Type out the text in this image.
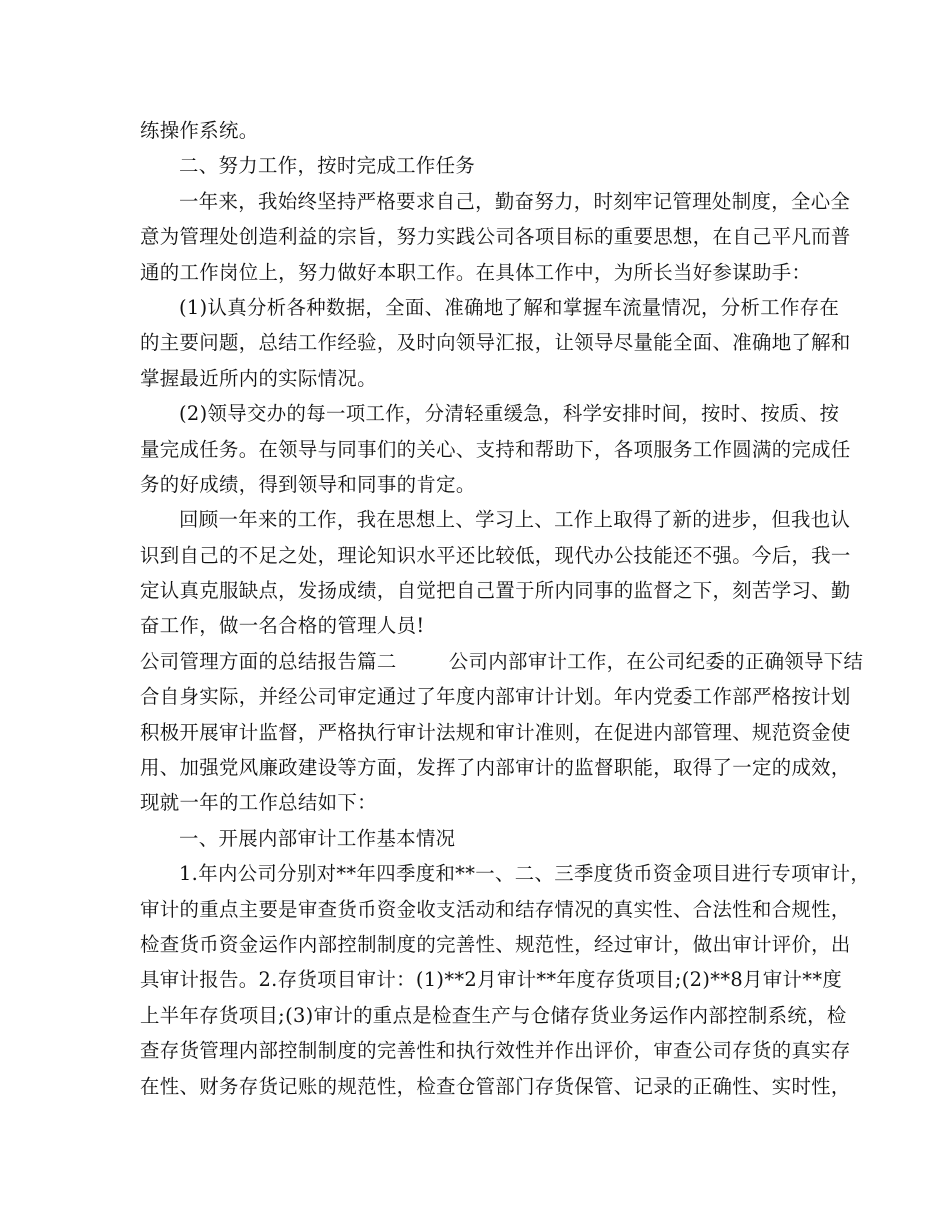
练操作系统。
二、努力工作，按时完成工作任务
一年来，我始终坚持严格要求自己，勤奋努力，时刻牢记管理处制度，全心全
意为管理处创造利益的宗旨，努力实践公司各项目标的重要思想，在自己平凡而普
通的工作岗位上，努力做好本职工作。在具体工作中，为所长当好参谋助手：
(1)认真分析各种数据，全面、准确地了解和掌握车流量情况，分析工作存在
的主要问题，总结工作经验，及时向领导汇报，让领导尽量能全面、准确地了解和
掌握最近所内的实际情况。
(2)领导交办的每一项工作，分清轻重缓急，科学安排时间，按时、按质、按
量完成任务。在领导与同事们的关心、支持和帮助下，各项服务工作圆满的完成任
务的好成绩，得到领导和同事的肯定。
回顾一年来的工作，我在思想上、学习上、工作上取得了新的进步，但我也认
识到自己的不足之处，理论知识水平还比较低，现代办公技能还不强。今后，我一
定认真克服缺点，发扬成绩，自觉把自己置于所内同事的监督之下，刻苦学习、勤
奋工作，做一名合格的管理人员!
公司管理方面的总结报告篇二        公司内部审计工作，在公司纪委的正确领导下结
合自身实际，并经公司审定通过了年度内部审计计划。年内党委工作部严格按计划
积极开展审计监督，严格执行审计法规和审计准则，在促进内部管理、规范资金使
用、加强党风廉政建设等方面，发挥了内部审计的监督职能，取得了一定的成效，
现就一年的工作总结如下：
一、开展内部审计工作基本情况
1.年内公司分别对**年四季度和**一、二、三季度货币资金项目进行专项审计，
审计的重点主要是审查货币资金收支活动和结存情况的真实性、合法性和合规性，
检查货币资金运作内部控制制度的完善性、规范性，经过审计，做出审计评价，出
具审计报告。2.存货项目审计：(1)**2月审计**年度存货项目;(2)**8月审计**度
上半年存货项目;(3)审计的重点是检查生产与仓储存货业务运作内部控制系统，检
查存货管理内部控制制度的完善性和执行效性并作出评价，审查公司存货的真实存
在性、财务存货记账的规范性，检查仓管部门存货保管、记录的正确性、实时性，
